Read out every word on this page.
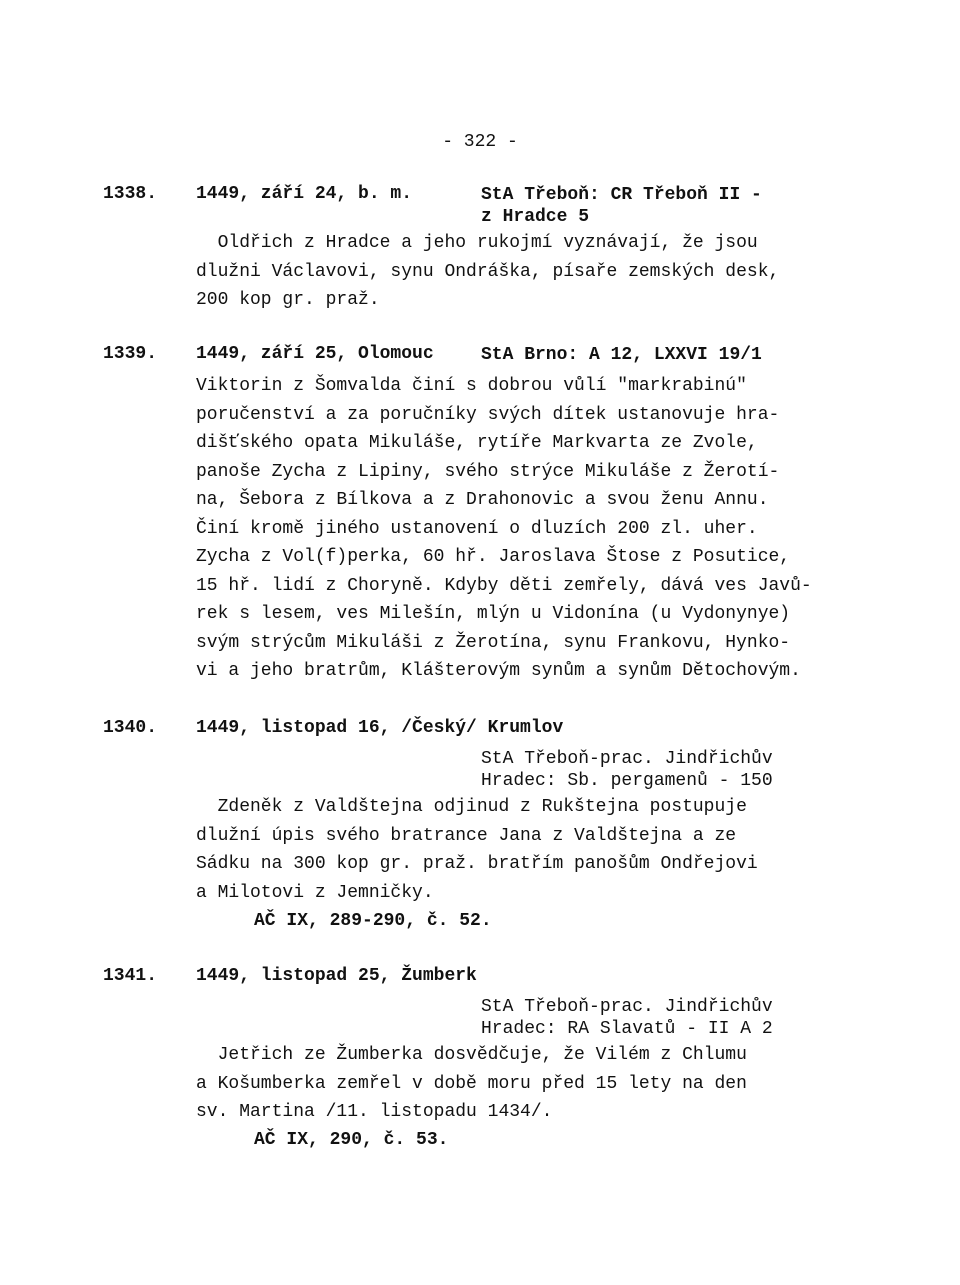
- 322 -
1338. 1449, září 24, b. m.	StA Třeboň: CR Třeboň II -
z Hradce 5
Oldřich z Hradce a jeho rukojmí vyznávají, že jsou
dlužni Václavovi, synu Ondráška, písaře zemských desk,
200 kop gr. praž.
1339. 1449, září 25, Olomouc	StA Brno: A 12, LXXVI 19/1
Viktorin z Šomvalda činí s dobrou vůlí "markrabinú"
poručenství a za poručníky svých dítek ustanovuje hra-
dišťského opata Mikuláše, rytíře Markvarta ze Zvole,
panoše Zycha z Lipiny, svého strýce Mikuláše z Žerotí-
na, Šebora z Bílkova a z Drahonovic a svou ženu Annu.
Činí kromě jiného ustanovení o dluzích 200 zl. uher.
Zycha z Vol(f)perka, 60 hř. Jaroslava Štose z Posutice,
15 hř. lidí z Choryně. Kdyby děti zemřely, dává ves Javů-
rek s lesem, ves Milešín, mlýn u Vidonína (u Vydonynye)
svým strýcům Mikuláši z Žerotína, synu Frankovu, Hynko-
vi a jeho bratrům, Klášterovým synům a synům Dětochovým.
1340. 1449, listopad 16, /Český/ Krumlov
StA Třeboň-prac. Jindřichův
Hradec: Sb. pergamenů - 150
Zdeněk z Valdštejna odjinud z Rukštejna postupuje
dlužní úpis svého bratrance Jana z Valdštejna a ze
Sádku na 300 kop gr. praž. bratřím panošům Ondřejovi
a Milotovi z Jemničky.
AČ IX, 289-290, č. 52.
1341. 1449, listopad 25, Žumberk
StA Třeboň-prac. Jindřichův
Hradec: RA Slavatů - II A 2
Jetřich ze Žumberka dosvědčuje, že Vilém z Chlumu
a Košumberka zemřel v době moru před 15 lety na den
sv. Martina /11. listopadu 1434/.
AČ IX, 290, č. 53.
